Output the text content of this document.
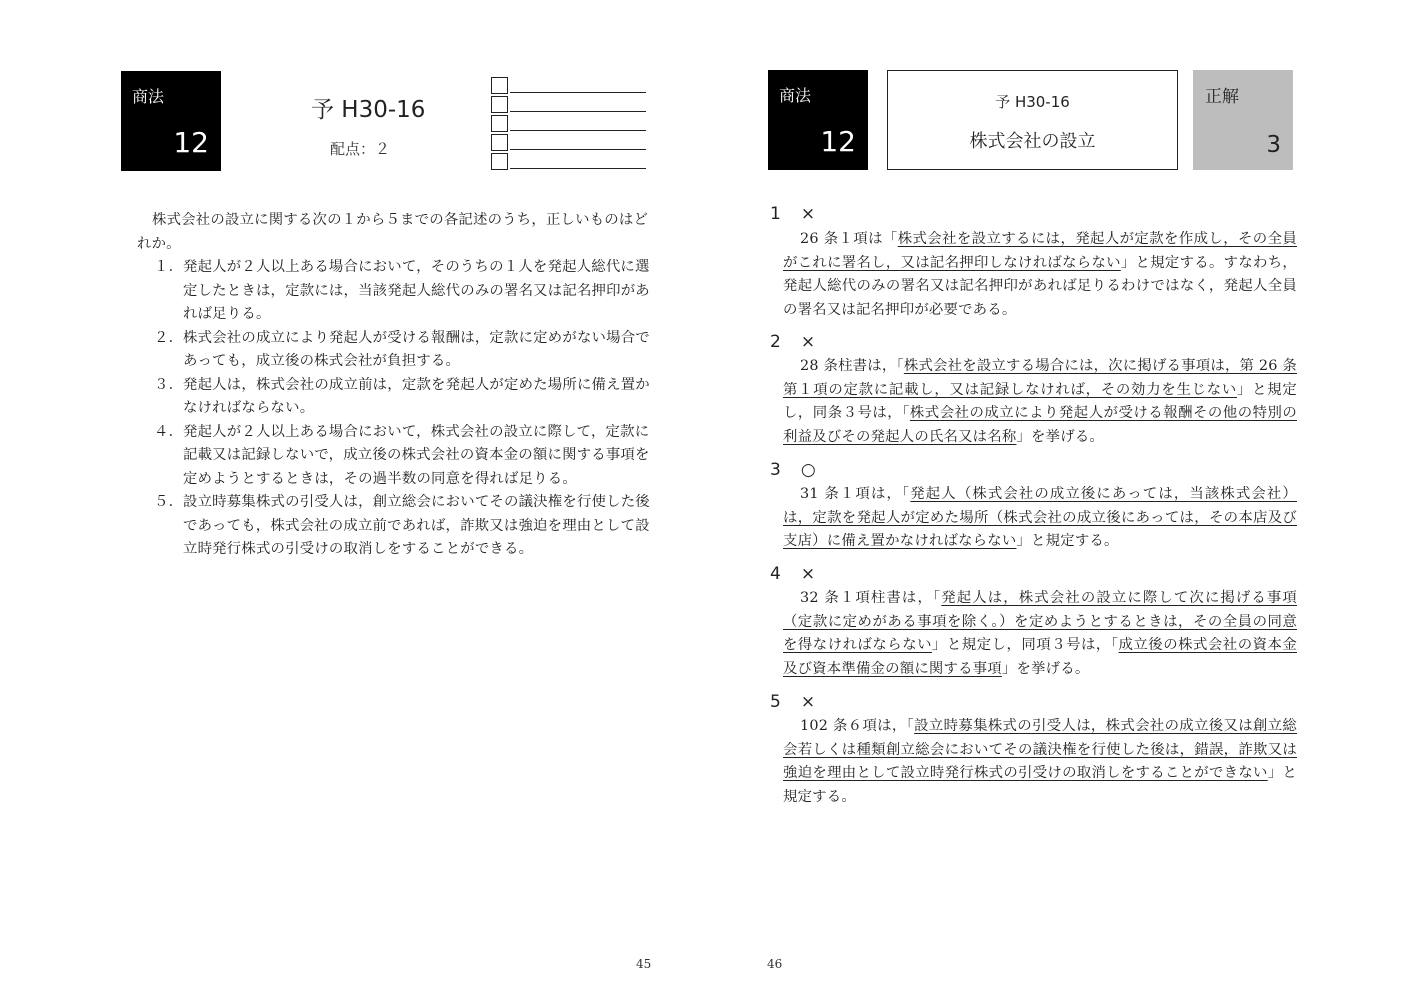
商法
12
予 H30-16
配点：２
株式会社の設立に関する次の１から５までの各記述のうち，正しいものはどれか。
１． 発起人が２人以上ある場合において，そのうちの１人を発起人総代に選定したときは，定款には，当該発起人総代のみの署名又は記名押印があれば足りる。
２． 株式会社の成立により発起人が受ける報酬は，定款に定めがない場合であっても，成立後の株式会社が負担する。
３． 発起人は，株式会社の成立前は，定款を発起人が定めた場所に備え置かなければならない。
４． 発起人が２人以上ある場合において，株式会社の設立に際して，定款に記載又は記録しないで，成立後の株式会社の資本金の額に関する事項を定めようとするときは，その過半数の同意を得れば足りる。
５． 設立時募集株式の引受人は，創立総会においてその議決権を行使した後であっても，株式会社の成立前であれば，詐欺又は強迫を理由として設立時発行株式の引受けの取消しをすることができる。
45
商法
12
予 H30-16
株式会社の設立
正解
3
1 ×
26 条１項は「株式会社を設立するには，発起人が定款を作成し，その全員がこれに署名し，又は記名押印しなければならない」と規定する。すなわち，発起人総代のみの署名又は記名押印があれば足りるわけではなく，発起人全員の署名又は記名押印が必要である。
2 ×
28 条柱書は，「株式会社を設立する場合には，次に掲げる事項は，第 26 条第１項の定款に記載し，又は記録しなければ，その効力を生じない」と規定し，同条３号は，「株式会社の成立により発起人が受ける報酬その他の特別の利益及びその発起人の氏名又は名称」を挙げる。
3 ○
31 条１項は，「発起人（株式会社の成立後にあっては，当該株式会社）は，定款を発起人が定めた場所（株式会社の成立後にあっては，その本店及び支店）に備え置かなければならない」と規定する。
4 ×
32 条１項柱書は，「発起人は，株式会社の設立に際して次に掲げる事項（定款に定めがある事項を除く。）を定めようとするときは，その全員の同意を得なければならない」と規定し，同項３号は，「成立後の株式会社の資本金及び資本準備金の額に関する事項」を挙げる。
5 ×
102 条６項は，「設立時募集株式の引受人は，株式会社の成立後又は創立総会若しくは種類創立総会においてその議決権を行使した後は，錯誤，詐欺又は強迫を理由として設立時発行株式の引受けの取消しをすることができない」と規定する。
46
